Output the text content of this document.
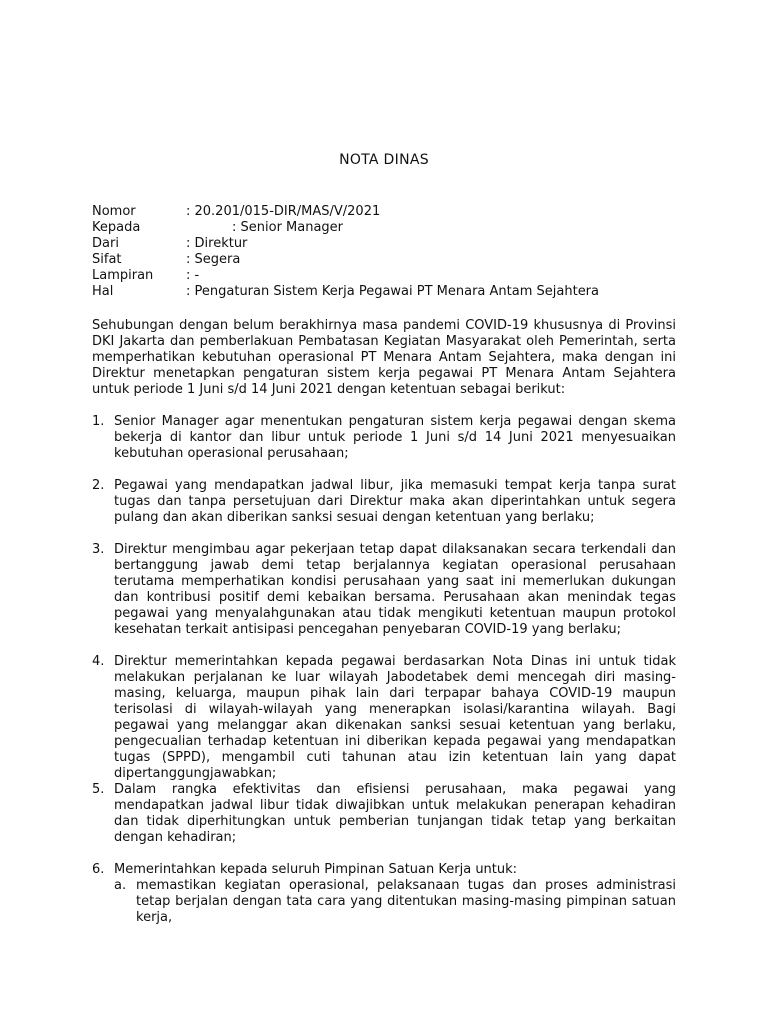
NOTA DINAS
Nomor	: 20.201/015-DIR/MAS/V/2021
Kepada	: Senior Manager
Dari	: Direktur
Sifat	: Segera
Lampiran	: -
Hal	: Pengaturan Sistem Kerja Pegawai PT Menara Antam Sejahtera
Sehubungan dengan belum berakhirnya masa pandemi COVID-19 khususnya di Provinsi DKI Jakarta dan pemberlakuan Pembatasan Kegiatan Masyarakat oleh Pemerintah, serta memperhatikan kebutuhan operasional PT Menara Antam Sejahtera, maka dengan ini Direktur menetapkan pengaturan sistem kerja pegawai PT Menara Antam Sejahtera untuk periode 1 Juni s/d 14 Juni 2021 dengan ketentuan sebagai berikut:
1. Senior Manager agar menentukan pengaturan sistem kerja pegawai dengan skema bekerja di kantor dan libur untuk periode 1 Juni s/d 14 Juni 2021 menyesuaikan kebutuhan operasional perusahaan;
2. Pegawai yang mendapatkan jadwal libur, jika memasuki tempat kerja tanpa surat tugas dan tanpa persetujuan dari Direktur maka akan diperintahkan untuk segera pulang dan akan diberikan sanksi sesuai dengan ketentuan yang berlaku;
3. Direktur mengimbau agar pekerjaan tetap dapat dilaksanakan secara terkendali dan bertanggung jawab demi tetap berjalannya kegiatan operasional perusahaan terutama memperhatikan kondisi perusahaan yang saat ini memerlukan dukungan dan kontribusi positif demi kebaikan bersama. Perusahaan akan menindak tegas pegawai yang menyalahgunakan atau tidak mengikuti ketentuan maupun protokol kesehatan terkait antisipasi pencegahan penyebaran COVID-19 yang berlaku;
4. Direktur memerintahkan kepada pegawai berdasarkan Nota Dinas ini untuk tidak melakukan perjalanan ke luar wilayah Jabodetabek demi mencegah diri masing-masing, keluarga, maupun pihak lain dari terpapar bahaya COVID-19 maupun terisolasi di wilayah-wilayah yang menerapkan isolasi/karantina wilayah. Bagi pegawai yang melanggar akan dikenakan sanksi sesuai ketentuan yang berlaku, pengecualian terhadap ketentuan ini diberikan kepada pegawai yang mendapatkan tugas (SPPD), mengambil cuti tahunan atau izin ketentuan lain yang dapat dipertanggungjawabkan;
5. Dalam rangka efektivitas dan efisiensi perusahaan, maka pegawai yang mendapatkan jadwal libur tidak diwajibkan untuk melakukan penerapan kehadiran dan tidak diperhitungkan untuk pemberian tunjangan tidak tetap yang berkaitan dengan kehadiran;
6. Memerintahkan kepada seluruh Pimpinan Satuan Kerja untuk:
a. memastikan kegiatan operasional, pelaksanaan tugas dan proses administrasi tetap berjalan dengan tata cara yang ditentukan masing-masing pimpinan satuan kerja,
